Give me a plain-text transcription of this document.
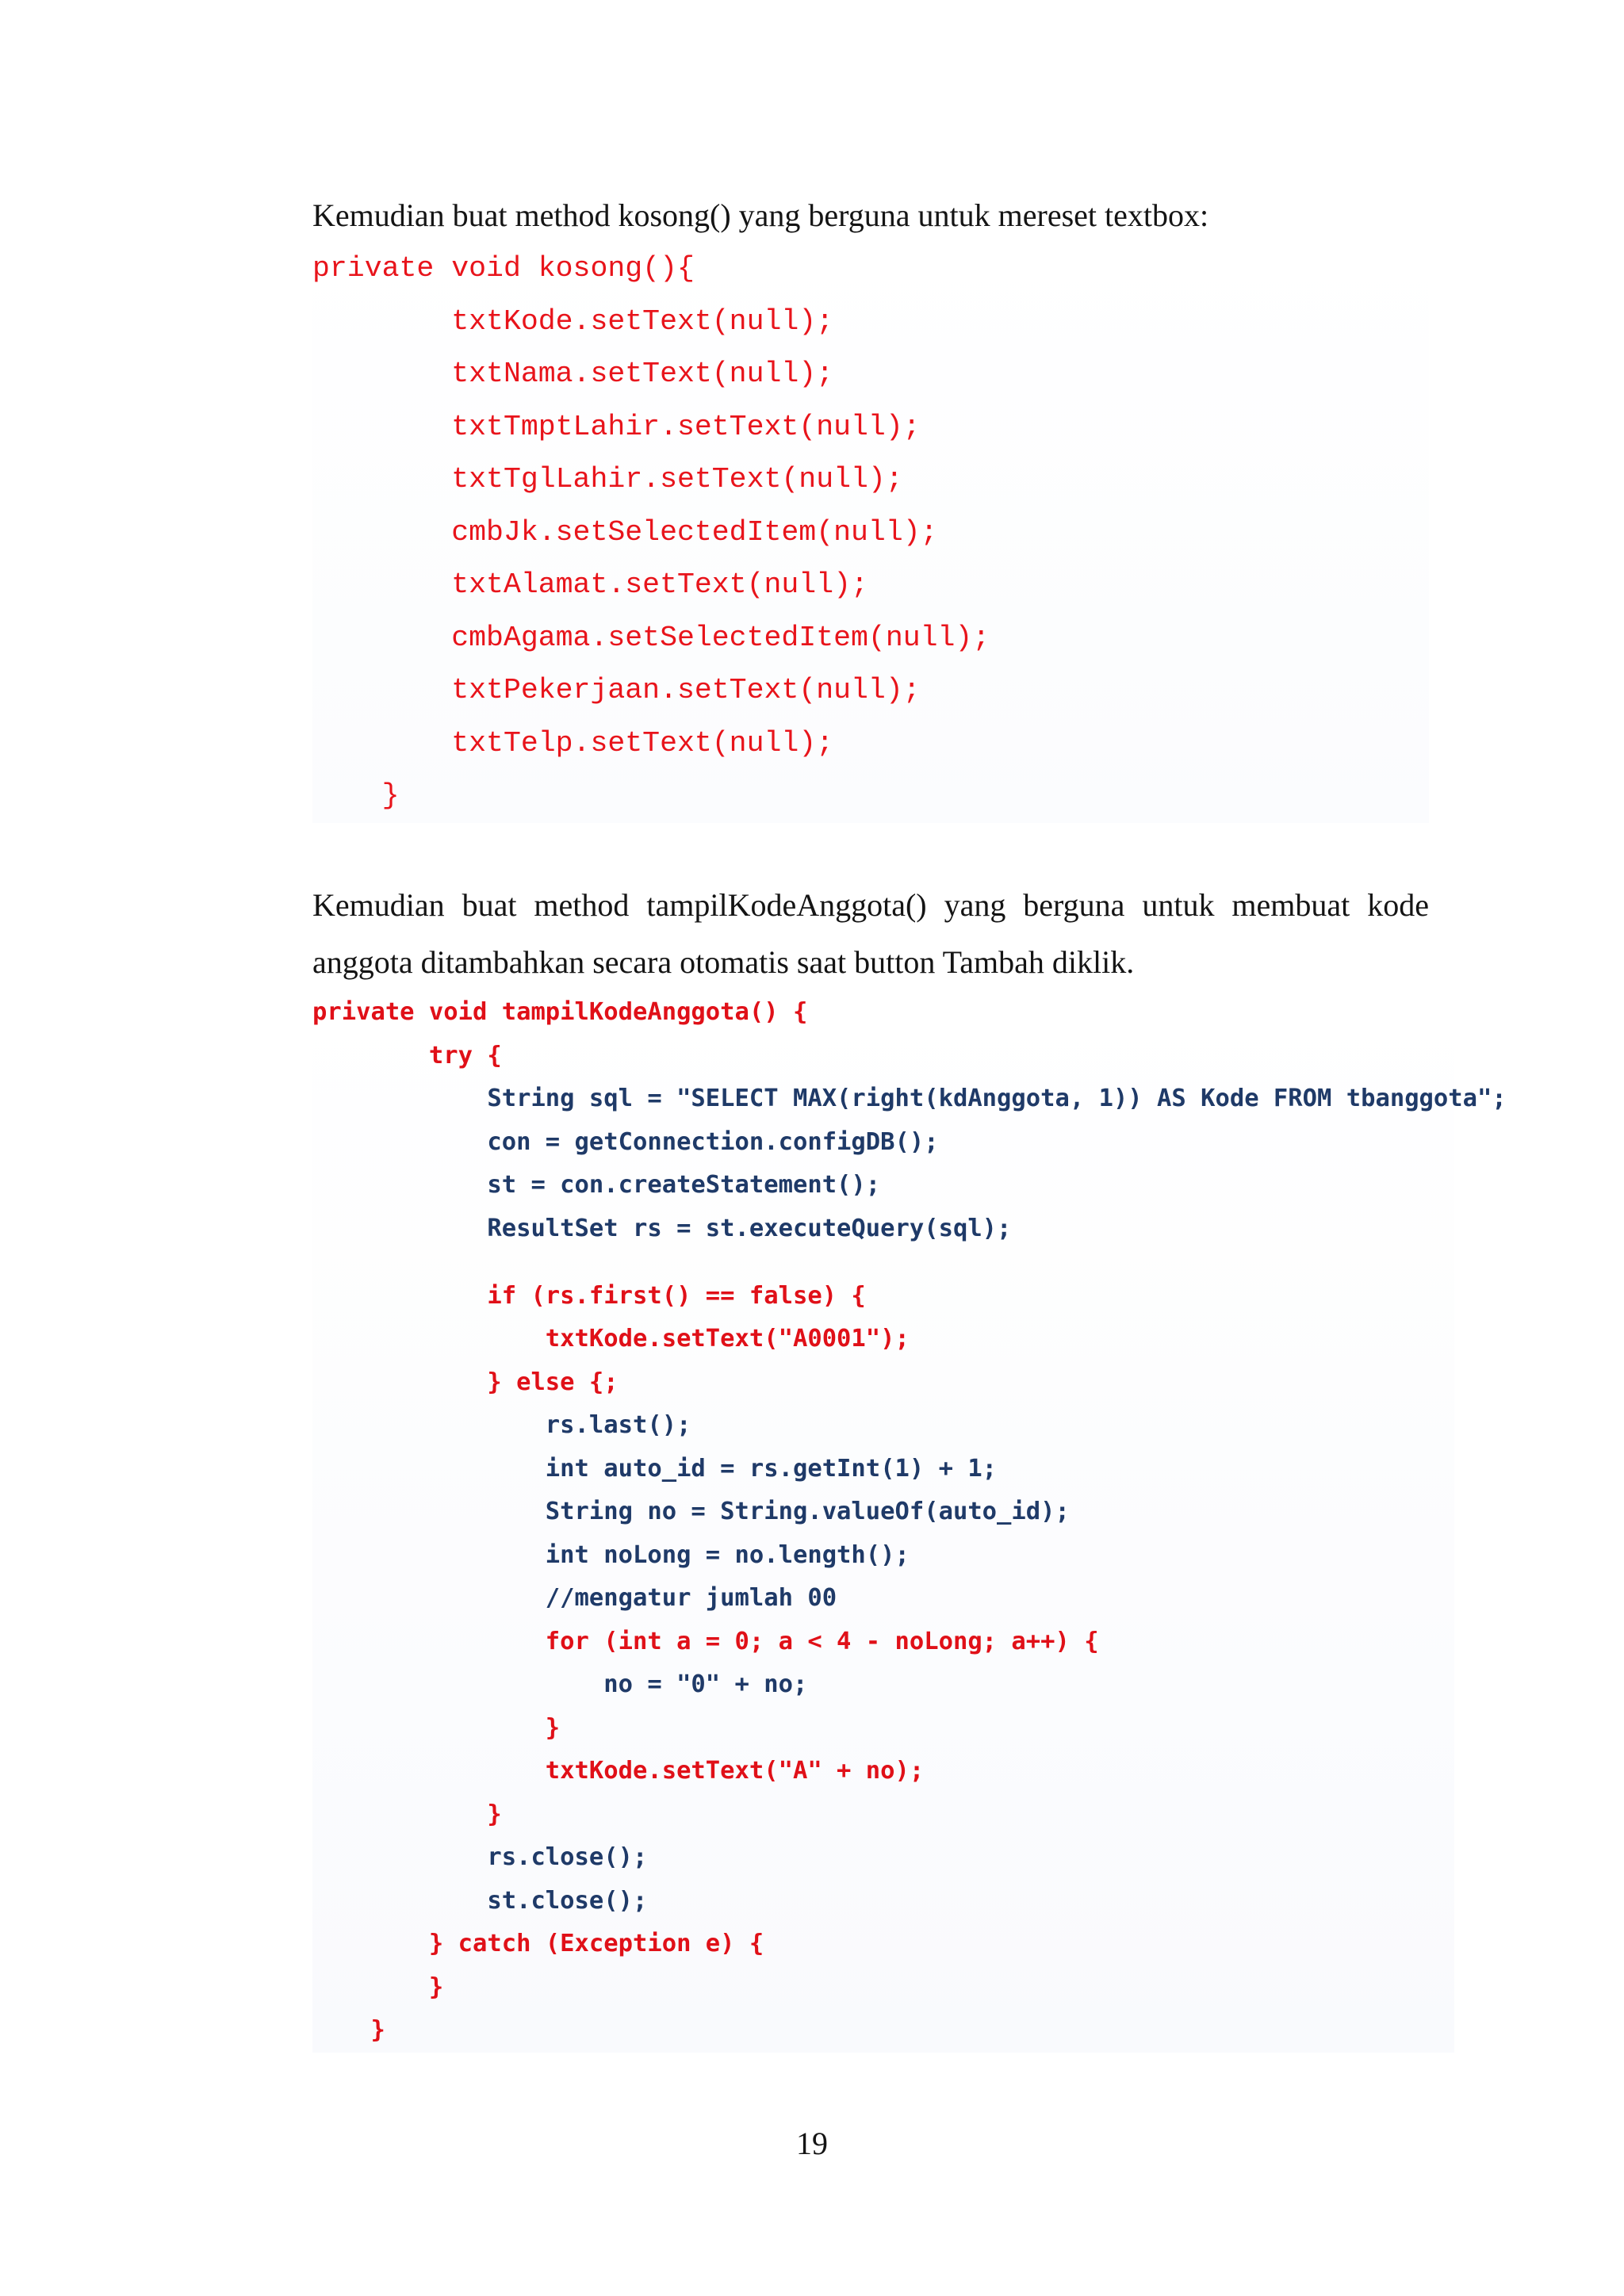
Kemudian buat method kosong() yang berguna untuk mereset textbox:

private void kosong(){
txtKode.setText(null);
txtNama.setText(null);
txtTmptLahir.setText(null);
txtTglLahir.setText(null);
cmbJk.setSelectedItem(null);
txtAlamat.setText(null);
cmbAgama.setSelectedItem(null);
txtPekerjaan.setText(null);
txtTelp.setText(null);
}

Kemudian buat method tampilKodeAnggota() yang berguna untuk membuat kode anggota ditambahkan secara otomatis saat button Tambah diklik.

private void tampilKodeAnggota() {
try {
String sql = "SELECT MAX(right(kdAnggota, 1)) AS Kode FROM tbanggota";
con = getConnection.configDB();
st = con.createStatement();
ResultSet rs = st.executeQuery(sql);
if (rs.first() == false) {
txtKode.setText("A0001");
} else {;
rs.last();
int auto_id = rs.getInt(1) + 1;
String no = String.valueOf(auto_id);
int noLong = no.length();
//mengatur jumlah 00
for (int a = 0; a < 4 - noLong; a++) {
no = "0" + no;
}
txtKode.setText("A" + no);
}
rs.close();
st.close();
} catch (Exception e) {
}
}
19
